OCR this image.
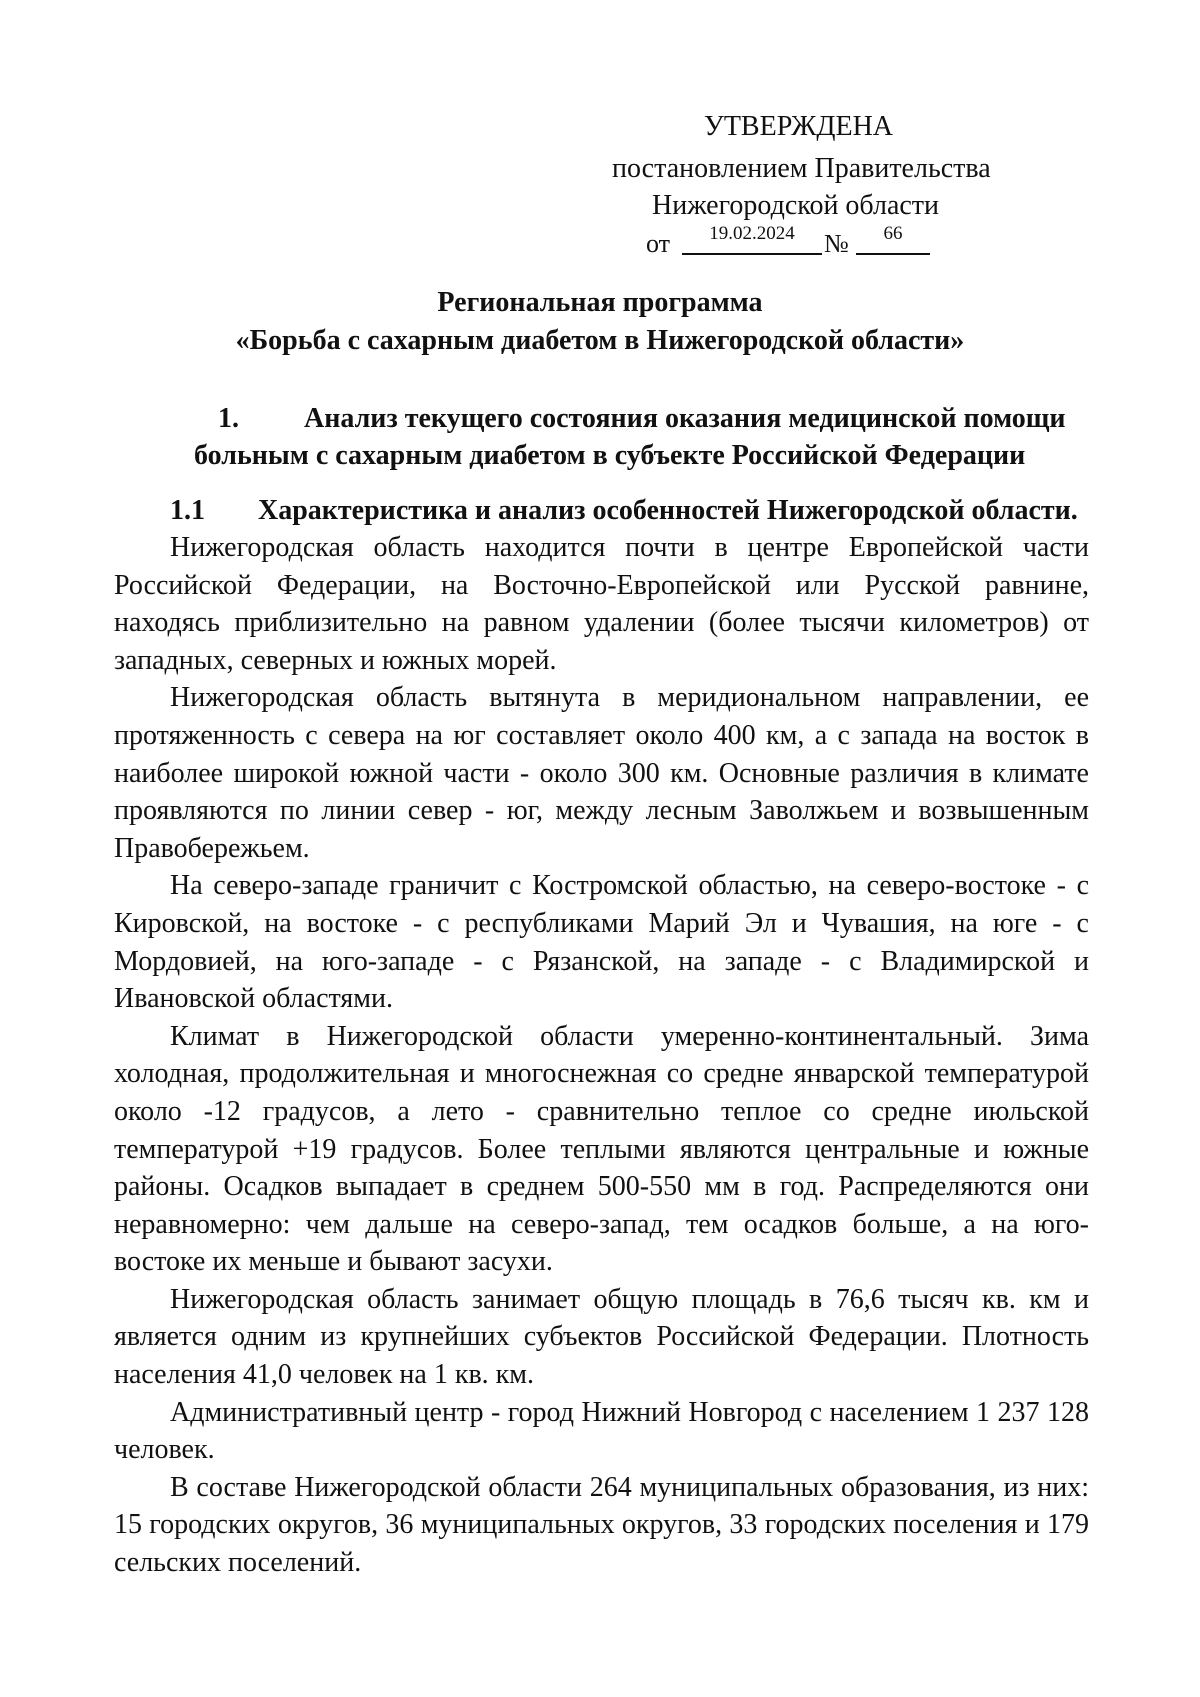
УТВЕРЖДЕНА
постановлением Правительства
Нижегородской области
от	19.02.2024	№	66
Региональная программа
«Борьба с сахарным диабетом в Нижегородской области»
1. Анализ текущего состояния оказания медицинской помощи
больным с сахарным диабетом в субъекте Российской Федерации
1.1 Характеристика и анализ особенностей Нижегородской области.

Нижегородская область находится почти в центре Европейской части Российской Федерации, на Восточно-Европейской или Русской равнине, находясь приблизительно на равном удалении (более тысячи километров) от западных, северных и южных морей.

Нижегородская область вытянута в меридиональном направлении, ее протяженность с севера на юг составляет около 400 км, а с запада на восток в наиболее широкой южной части - около 300 км. Основные различия в климате проявляются по линии север - юг, между лесным Заволжьем и возвышенным Правобережьем.

На северо-западе граничит с Костромской областью, на северо-востоке - с Кировской, на востоке - с республиками Марий Эл и Чувашия, на юге - с Мордовией, на юго-западе - с Рязанской, на западе - с Владимирской и Ивановской областями.

Климат в Нижегородской области умеренно-континентальный. Зима холодная, продолжительная и многоснежная со средне январской температурой около -12 градусов, а лето - сравнительно теплое со средне июльской температурой +19 градусов. Более теплыми являются центральные и южные районы. Осадков выпадает в среднем 500-550 мм в год. Распределяются они неравномерно: чем дальше на северо-запад, тем осадков больше, а на юго-востоке их меньше и бывают засухи.

Нижегородская область занимает общую площадь в 76,6 тысяч кв. км и является одним из крупнейших субъектов Российской Федерации. Плотность населения 41,0 человек на 1 кв. км.

Административный центр - город Нижний Новгород с населением 1 237 128 человек.

В составе Нижегородской области 264 муниципальных образования, из них: 15 городских округов, 36 муниципальных округов, 33 городских поселения и 179 сельских поселений.
